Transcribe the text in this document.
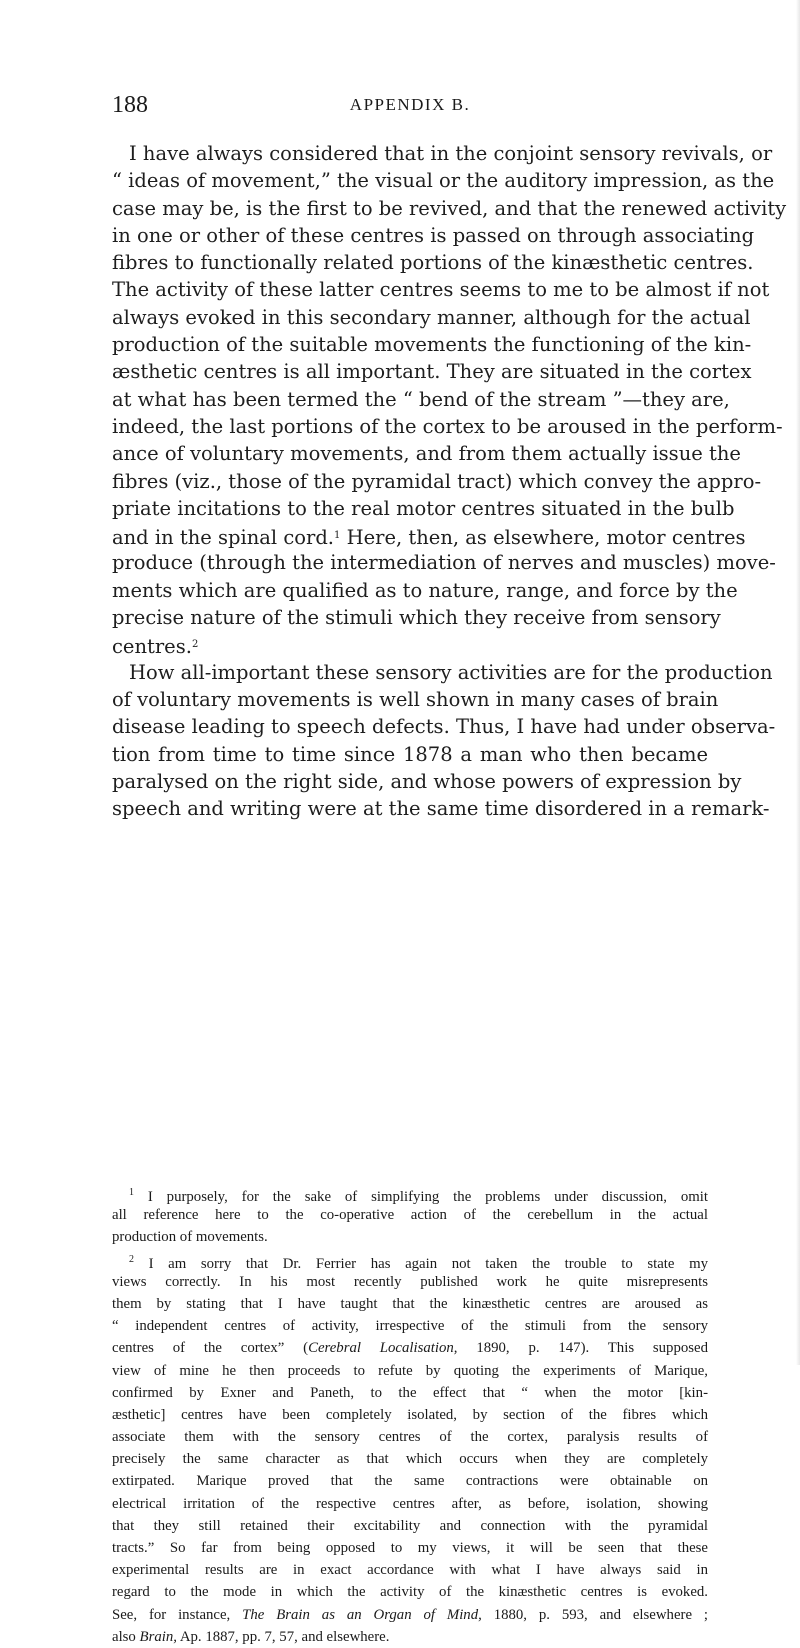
188	APPENDIX B.
I have always considered that in the conjoint sensory revivals, or
“ ideas of movement,” the visual or the auditory impression, as the
case may be, is the first to be revived, and that the renewed activity
in one or other of these centres is passed on through associating
fibres to functionally related portions of the kinæsthetic centres.
The activity of these latter centres seems to me to be almost if not
always evoked in this secondary manner, although for the actual
production of the suitable movements the functioning of the kin-
æsthetic centres is all important. They are situated in the cortex
at what has been termed the “ bend of the stream ”—they are,
indeed, the last portions of the cortex to be aroused in the perform-
ance of voluntary movements, and from them actually issue the
fibres (viz., those of the pyramidal tract) which convey the appro-
priate incitations to the real motor centres situated in the bulb
and in the spinal cord.$^1$ Here, then, as elsewhere, motor centres
produce (through the intermediation of nerves and muscles) move-
ments which are qualified as to nature, range, and force by the
precise nature of the stimuli which they receive from sensory
centres.$^2$
How all-important these sensory activities are for the production
of voluntary movements is well shown in many cases of brain
disease leading to speech defects. Thus, I have had under observa-
tion from time to time since 1878 a man who then became
paralysed on the right side, and whose powers of expression by
speech and writing were at the same time disordered in a remark-
$^1$ I purposely, for the sake of simplifying the problems under discussion, omit
all reference here to the co-operative action of the cerebellum in the actual
production of movements.
$^2$ I am sorry that Dr. Ferrier has again not taken the trouble to state my
views correctly. In his most recently published work he quite misrepresents
them by stating that I have taught that the kinæsthetic centres are aroused as
“ independent centres of activity, irrespective of the stimuli from the sensory
centres of the cortex” (Cerebral Localisation, 1890, p. 147). This supposed
view of mine he then proceeds to refute by quoting the experiments of Marique,
confirmed by Exner and Paneth, to the effect that “ when the motor [kin-
æsthetic] centres have been completely isolated, by section of the fibres which
associate them with the sensory centres of the cortex, paralysis results of
precisely the same character as that which occurs when they are completely
extirpated. Marique proved that the same contractions were obtainable on
electrical irritation of the respective centres after, as before, isolation, showing
that they still retained their excitability and connection with the pyramidal
tracts.” So far from being opposed to my views, it will be seen that these
experimental results are in exact accordance with what I have always said in
regard to the mode in which the activity of the kinæsthetic centres is evoked.
See, for instance, The Brain as an Organ of Mind, 1880, p. 593, and elsewhere ;
also Brain, Ap. 1887, pp. 7, 57, and elsewhere.
